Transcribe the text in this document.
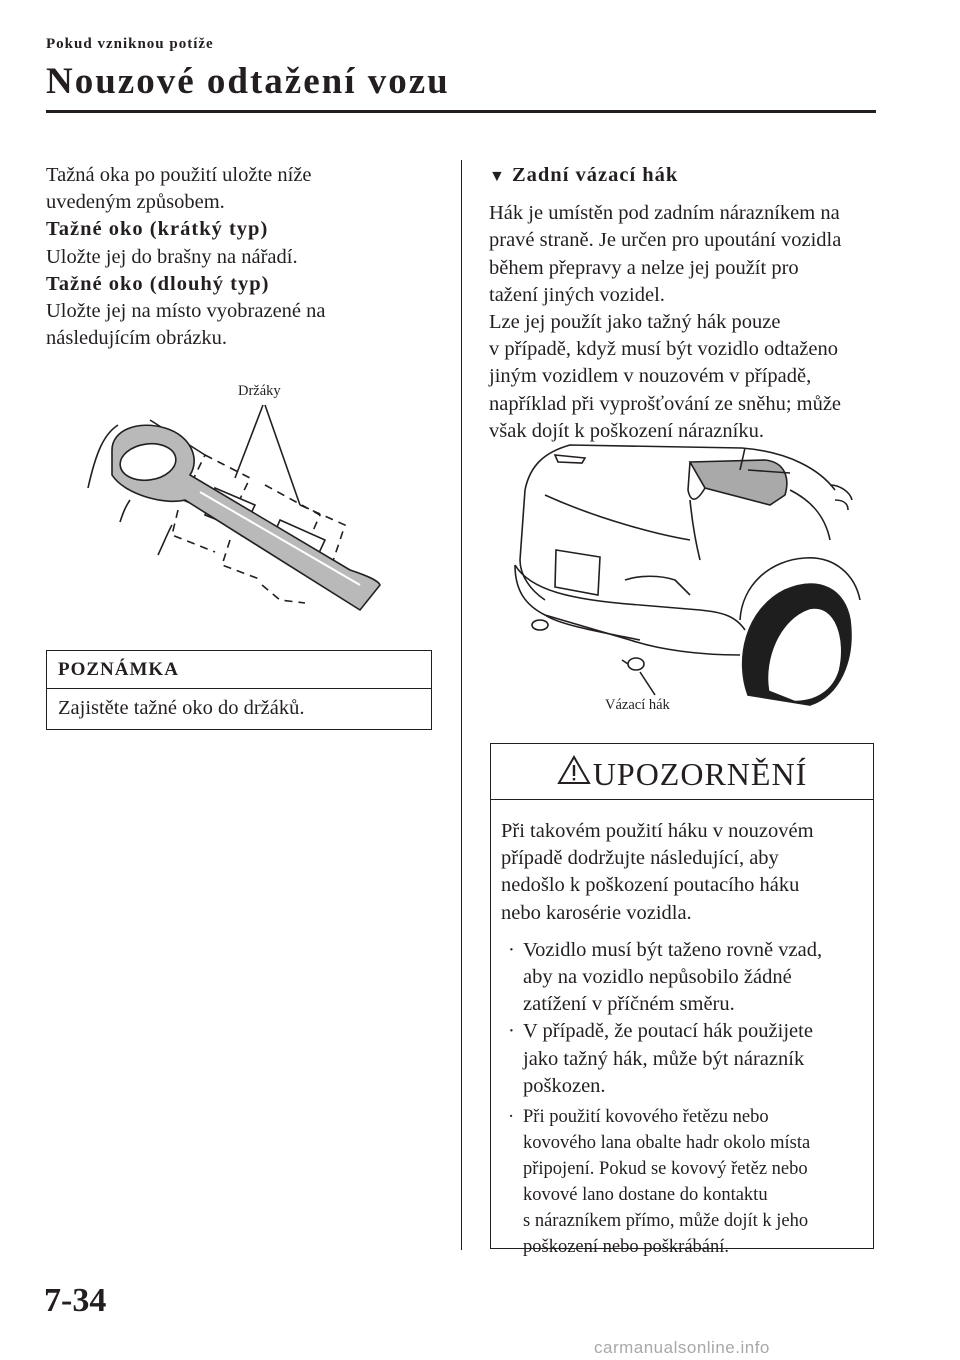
Pokud vzniknou potíže
Nouzové odtažení vozu

Tažná oka po použití uložte níže

uvedeným způsobem.

Tažné oko (krátký typ)

Uložte jej do brašny na nářadí.

Tažné oko (dlouhý typ)

Uložte jej na místo vyobrazené na

následujícím obrázku.

Držáky
POZNÁMKA
Zajistěte tažné oko do držáků.

▼ Zadní vázací hák

Hák je umístěn pod zadním nárazníkem na

pravé straně. Je určen pro upoutání vozidla

během přepravy a nelze jej použít pro

tažení jiných vozidel.

Lze jej použít jako tažný hák pouze

v případě, když musí být vozidlo odtaženo

jiným vozidlem v nouzovém v případě,

například při vyprošťování ze sněhu; může

však dojít k poškození nárazníku.

Vázací hák
UPOZORNĚNÍ
Při takovém použití háku v nouzovém
případě dodržujte následující, aby
nedošlo k poškození poutacího háku
nebo karosérie vozidla.
· Vozidlo musí být taženo rovně vzad,
aby na vozidlo nepůsobilo žádné
zatížení v příčném směru.
· V případě, že poutací hák použijete
jako tažný hák, může být nárazník
poškozen.
· Při použití kovového řetězu nebo
kovového lana obalte hadr okolo místa
připojení. Pokud se kovový řetěz nebo
kovové lano dostane do kontaktu
s nárazníkem přímo, může dojít k jeho
poškození nebo poškrábání.
7-34
carmanualsonline.info
